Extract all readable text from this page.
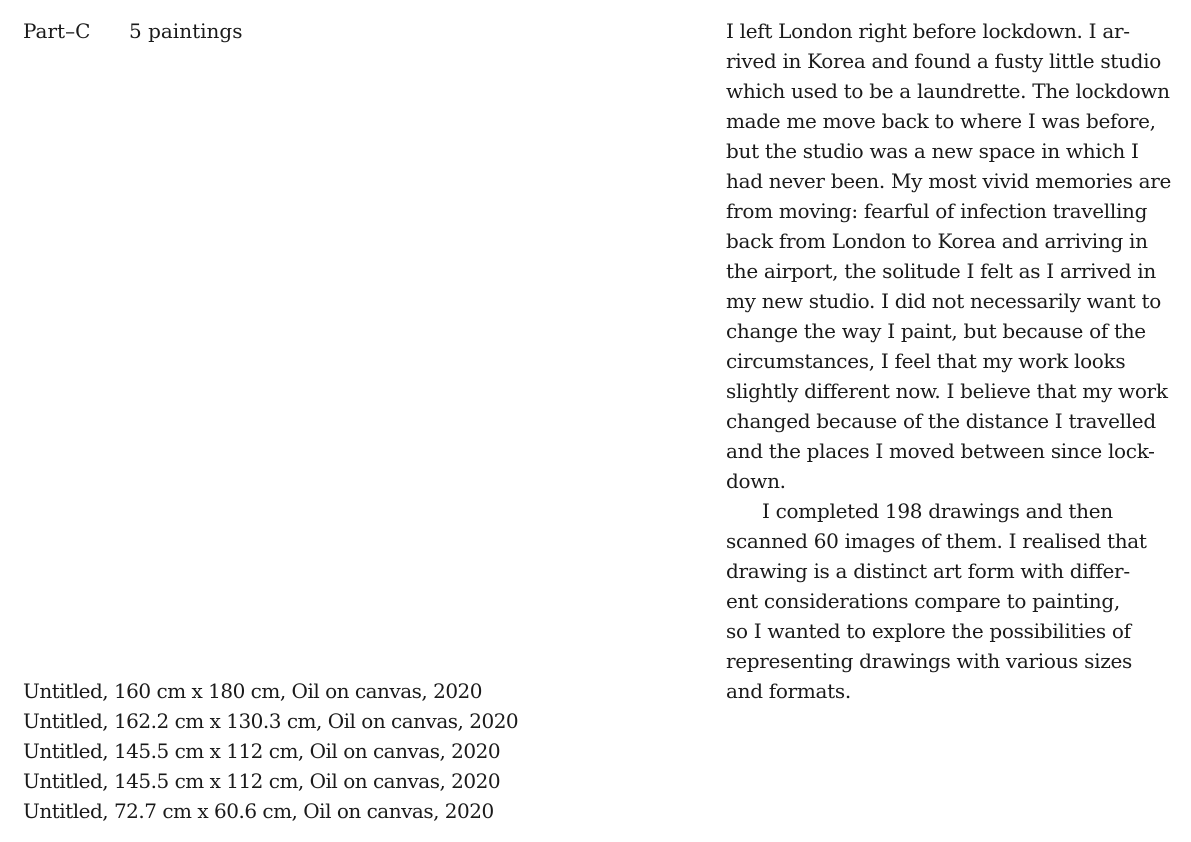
Part–C 5 paintings
Untitled, 160 cm x 180 cm, Oil on canvas, 2020
Untitled, 162.2 cm x 130.3 cm, Oil on canvas, 2020
Untitled, 145.5 cm x 112 cm, Oil on canvas, 2020
Untitled, 145.5 cm x 112 cm, Oil on canvas, 2020
Untitled, 72.7 cm x 60.6 cm, Oil on canvas, 2020
I left London right before lockdown. I ar-
rived in Korea and found a fusty little studio
which used to be a laundrette. The lockdown
made me move back to where I was before,
but the studio was a new space in which I
had never been. My most vivid memories are
from moving: fearful of infection travelling
back from London to Korea and arriving in
the airport, the solitude I felt as I arrived in
my new studio. I did not necessarily want to
change the way I paint, but because of the
circumstances, I feel that my work looks
slightly different now. I believe that my work
changed because of the distance I travelled
and the places I moved between since lock-
down.
I completed 198 drawings and then
scanned 60 images of them. I realised that
drawing is a distinct art form with differ-
ent considerations compare to painting,
so I wanted to explore the possibilities of
representing drawings with various sizes
and formats.
